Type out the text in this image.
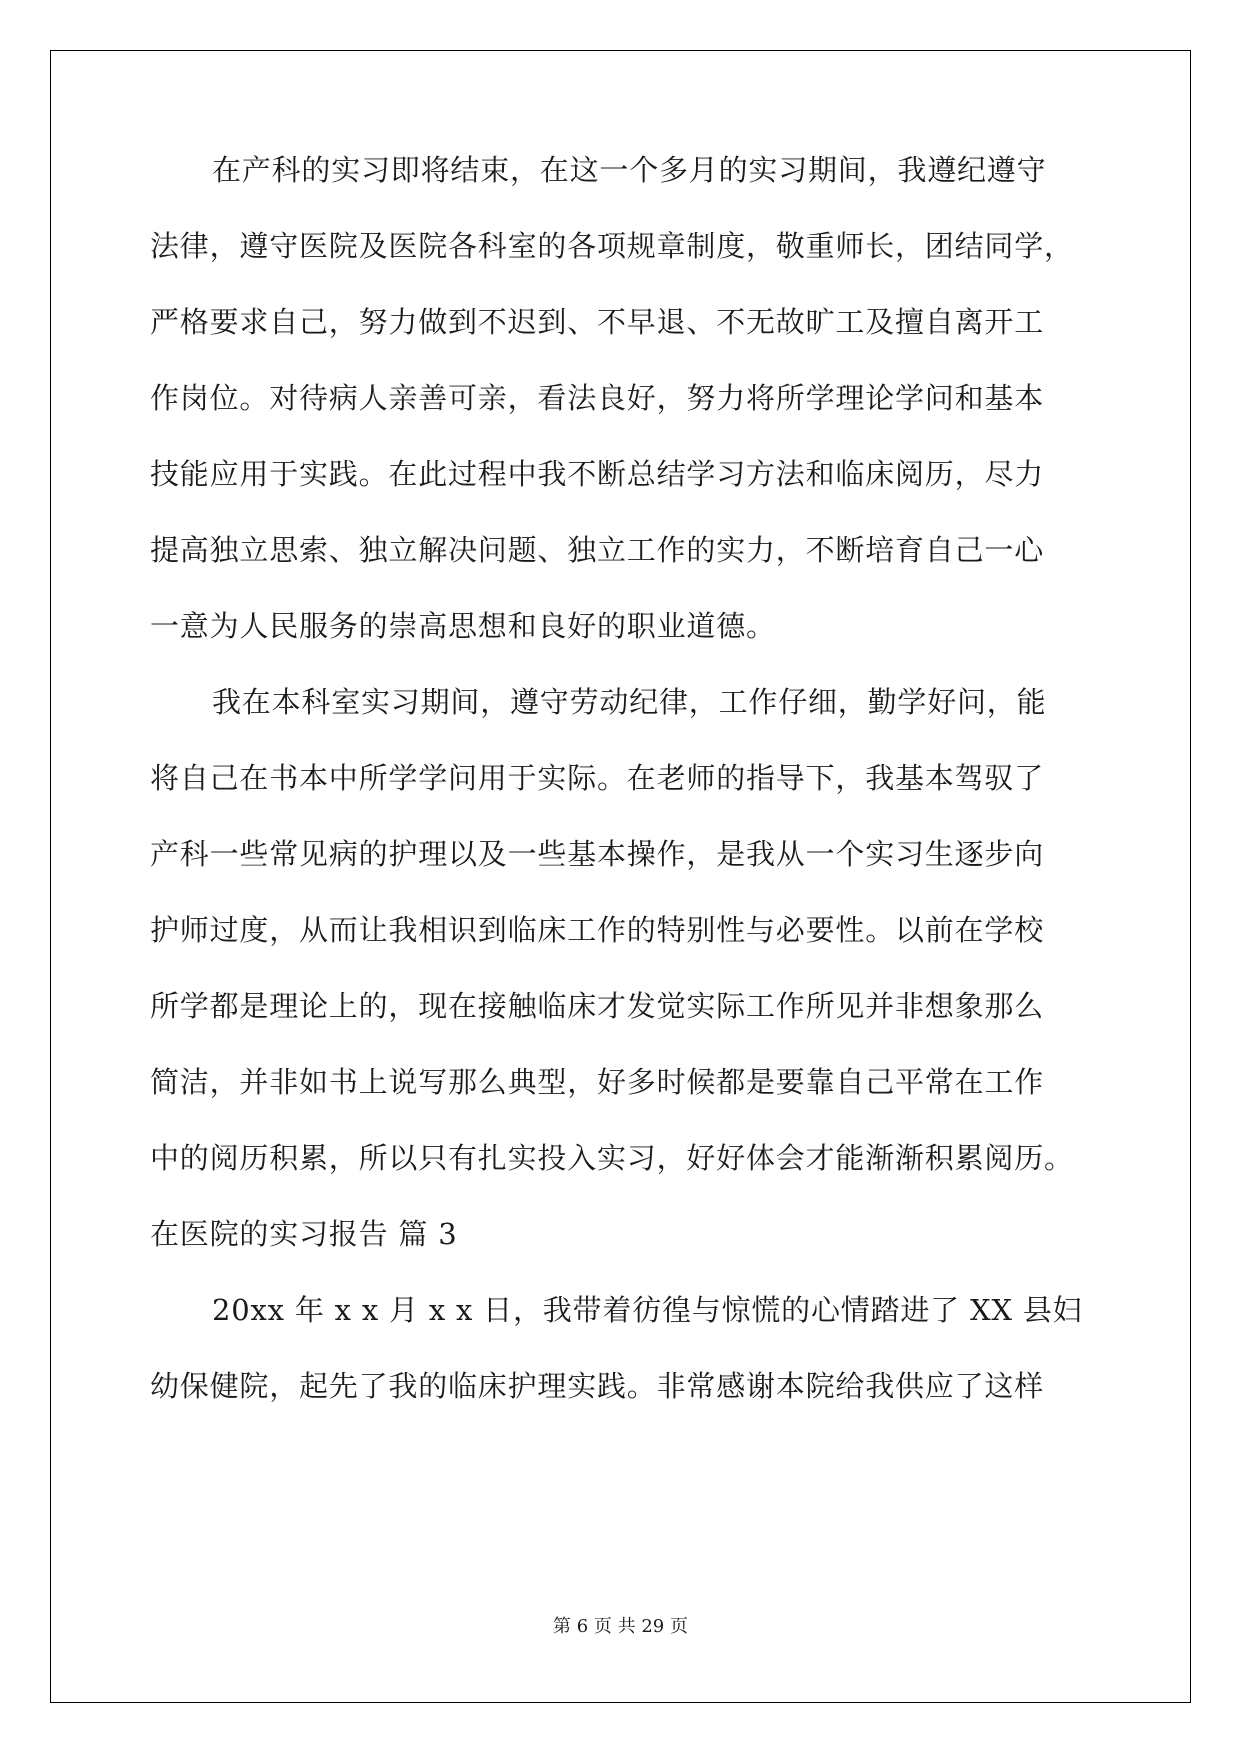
在产科的实习即将结束，在这一个多月的实习期间，我遵纪遵守
法律，遵守医院及医院各科室的各项规章制度，敬重师长，团结同学，
严格要求自己，努力做到不迟到、不早退、不无故旷工及擅自离开工
作岗位。对待病人亲善可亲，看法良好，努力将所学理论学问和基本
技能应用于实践。在此过程中我不断总结学习方法和临床阅历，尽力
提高独立思索、独立解决问题、独立工作的实力，不断培育自己一心
一意为人民服务的崇高思想和良好的职业道德。
我在本科室实习期间，遵守劳动纪律，工作仔细，勤学好问，能
将自己在书本中所学学问用于实际。在老师的指导下，我基本驾驭了
产科一些常见病的护理以及一些基本操作，是我从一个实习生逐步向
护师过度，从而让我相识到临床工作的特别性与必要性。以前在学校
所学都是理论上的，现在接触临床才发觉实际工作所见并非想象那么
简洁，并非如书上说写那么典型，好多时候都是要靠自己平常在工作
中的阅历积累，所以只有扎实投入实习，好好体会才能渐渐积累阅历。
在医院的实习报告 篇 3
20xx 年 x x 月 x x 日，我带着彷徨与惊慌的心情踏进了 XX 县妇
幼保健院，起先了我的临床护理实践。非常感谢本院给我供应了这样
第 6 页 共 29 页
